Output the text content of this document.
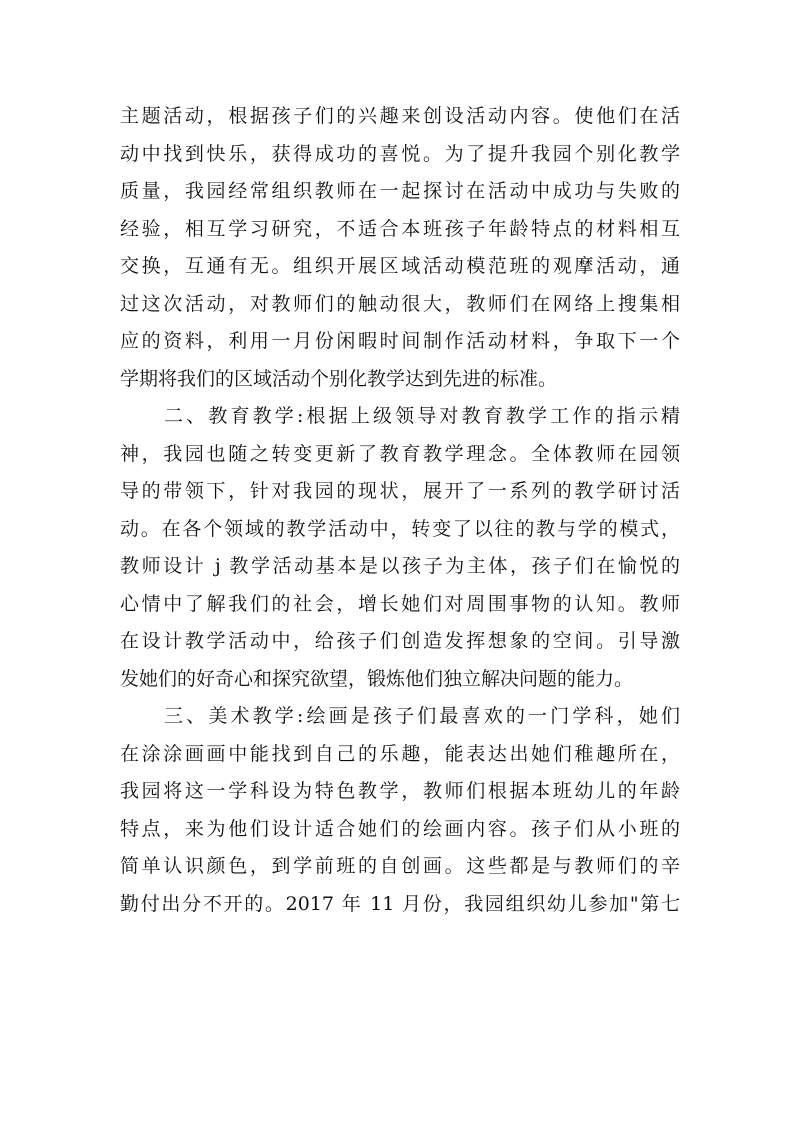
主题活动，根据孩子们的兴趣来创设活动内容。使他们在活
动中找到快乐，获得成功的喜悦。为了提升我园个别化教学
质量，我园经常组织教师在一起探讨在活动中成功与失败的
经验，相互学习研究，不适合本班孩子年龄特点的材料相互
交换，互通有无。组织开展区域活动模范班的观摩活动，通
过这次活动，对教师们的触动很大，教师们在网络上搜集相
应的资料，利用一月份闲暇时间制作活动材料，争取下一个
学期将我们的区域活动个别化教学达到先进的标准。
二、教育教学:根据上级领导对教育教学工作的指示精
神，我园也随之转变更新了教育教学理念。全体教师在园领
导的带领下，针对我园的现状，展开了一系列的教学研讨活
动。在各个领域的教学活动中，转变了以往的教与学的模式，
教师设计 j 教学活动基本是以孩子为主体，孩子们在愉悦的
心情中了解我们的社会，增长她们对周围事物的认知。教师
在设计教学活动中，给孩子们创造发挥想象的空间。引导激
发她们的好奇心和探究欲望，锻炼他们独立解决问题的能力。
三、美术教学:绘画是孩子们最喜欢的一门学科，她们
在涂涂画画中能找到自己的乐趣，能表达出她们稚趣所在，
我园将这一学科设为特色教学，教师们根据本班幼儿的年龄
特点，来为他们设计适合她们的绘画内容。孩子们从小班的
简单认识颜色，到学前班的自创画。这些都是与教师们的辛
勤付出分不开的。2017 年 11 月份，我园组织幼儿参加"第七
